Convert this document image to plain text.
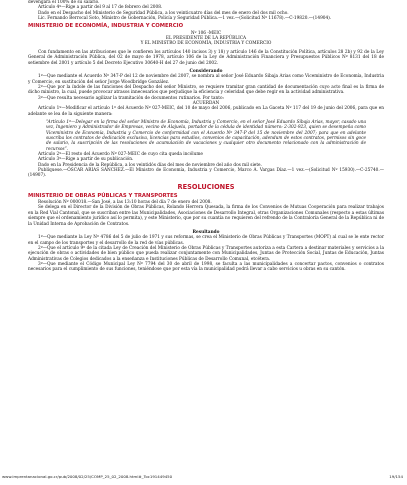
devengará el 100% de su salario.

Artículo 4º—Rige a partir del 9 al 17 de febrero del 2008.

Dado en el Despacho del Ministerio de Seguridad Pública, a los veinticuatro días del mes de enero del dos mil ocho.

Lic. Fernando Berrocal Soto, Ministro de Gobernación, Policía y Seguridad Pública.—1 vez.—(Solicitud Nº 11678).—C-19820.—(14904).

MINISTERIO DE ECONOMÍA, INDUSTRIA Y COMERCIO

Nº 106 -MEIC

EL PRESIDENTE DE LA REPÚBLICA

Y EL MINISTRO DE ECONOMÍA, INDUSTRIA Y COMERCIO

Con fundamento en las atribuciones que le confieren los artículos 140 incisos 3) y 18) y artículo 146 de la Constitución Política, artículos 28 2b) y 92 de la Ley General de Administración Pública, del 02 de mayo de 1978, artículo 106 de la Ley de Administración Financiera y Presupuestos Públicos Nº 8131 del 18 de setiembre del 2001 y artículo 5 del Decreto Ejecutivo 30640-H del 27 de junio del 2002.

Considerando

1º—Que mediante el Acuerdo Nº 347-P del 12 de noviembre del 2007, se nombra al señor José Eduardo Sibaja Arias como Viceministro de Economía, Industria y Comercio, en sustitución del señor Jorge Woodbridge González.

2º—Que por la índole de las funciones del Despacho del señor Ministro, se requiere tramitar gran cantidad de documentación cuyo acto final es la firma de dicho ministro, la cual, puede provocar atrasos innecesarios que perjudique la eficiencia y celeridad que debe regir en la actividad administrativa.

3º—Que resulta necesario agilizar la tramitación de documentos rutinarios. Por tanto:

ACUERDAN

Artículo 1º—Modificar el artículo 1º del Acuerdo Nº 027-MEIC, del 10 de mayo del 2006, publicado en La Gaceta Nº 117 del 19 de junio del 2006, para que en adelante se lea de la siguiente manera:

“Artículo 1º—Delegar en la firma del señor Ministro de Economía, Industria y Comercio, en el señor José Eduardo Sibaja Arias, mayor, casado una vez, Ingeniero y Administrador de Empresas, vecino de Alajuela, portador de la cédula de identidad número: 2-302-923, quien se desempeña como Viceministro de Economía, Industria y Comercio de conformidad con el Acuerdo Nº 347-P del 15 de noviembre del 2007; para que en adelante suscriba los contratos de dedicación exclusiva, licencias para estudios, convenios de capacitación, adendum de estos contratos, permisos sin goce de salario, la suscripción de las resoluciones de acumulación de vacaciones y cualquier otro documento relacionado con la administración de recursos”.

Artículo 2º—El resto del Acuerdo Nº 027-MEIC de cuyo cita queda incólume

Artículo 3º—Rige a partir de su publicación.

Dado en la Presidencia de la República, a los veintidós días del mes de noviembre del año dos mil siete.

Publíquese.—ÓSCAR ARIAS SÁNCHEZ.—El Ministro de Economía, Industria y Comercio, Marco A. Vargas Díaz.—1 vez.—(Solicitud Nº 15930).—C-25740.—(14907).

RESOLUCIONES

MINISTERIO DE OBRAS PÚBLICAS Y TRANSPORTES

Resolución Nº 000018.—San José, a las 13:10 horas del día 7 de enero del 2008.

Se delega en el Director de la División de Obras Públicas, Rolando Herrera Quesada, la firma de los Convenios de Mutuas Cooperación para realizar trabajos en la Red Vial Cantonal, que se suscriban entre las Municipalidades, Asociaciones de Desarrollo Integral, otras Organizaciones Comunales (respecto a estas últimas siempre que el ordenamiento jurídico así lo permita), y este Ministerio, que por su cuantía no requieren del refrendo de la Contraloría General de la República ni de la Unidad Interna de Aprobación de Contratos.

Resultando

1º—Que mediante la Ley Nº 4786 del 5 de julio de 1971 y sus reformas, se crea el Ministerio de Obras Públicas y Transportes (MOPT) al cual se le ente rector en el campo de los transportes y el desarrollo de la red de vías públicas.

2º—Que el artículo 9º de la citada Ley de Creación del Ministerio de Obras Públicas y Transportes autoriza a esta Cartera a destinar materiales y servicios a la ejecución de obras o actividades de bien público que pueda realizar conjuntamente con Municipalidades, Juntas de Protección Social, Juntas de Educación, Juntas Administrativas de Colegios dedicados a la enseñanza e Instituciones Públicas de Desarrollo Comunal, etcétera.

3º—Que mediante el Código Municipal Ley Nº 7794 del 30 de abril de 1998, se faculta a las municipalidades a concertar pactos, convenios o contratos necesarios para el cumplimiento de sus funciones, teniéndose que por esta vía la municipalidad podrá llevar a cabo servicios u obras en su cantón.

www.imprentanacional.go.cr/pub/2008/02/25/COMP_25_02_2008.html#_Toc191449450	19/154
